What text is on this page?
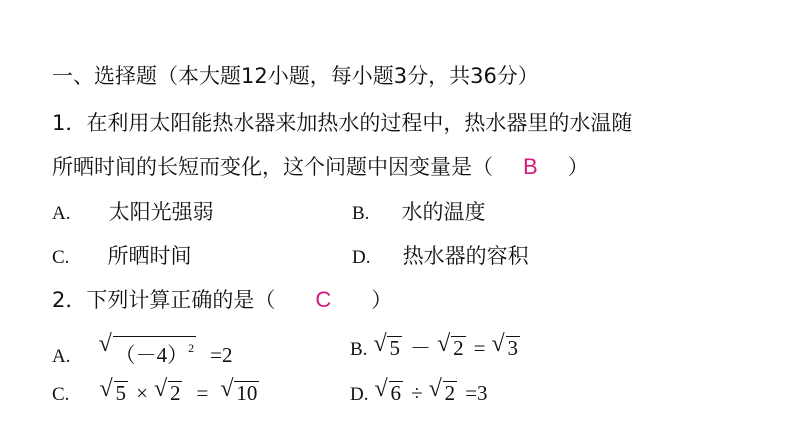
一、选择题（本大题12小题，每小题3分，共36分）
1．在利用太阳能热水器来加热水的过程中，热水器里的水温随
所晒时间的长短而变化，这个问题中因变量是（ B ）
A. 太阳光强弱	B. 水的温度
C. 所晒时间	D. 热水器的容积
2．下列计算正确的是（ C ）
A. √ $(-4)^2 =2$	B. √ 5 － √ 2 = √ 3
C. √ 5 × √ 2 = √ 10	D. √ 6 ÷ √ 2 =3
